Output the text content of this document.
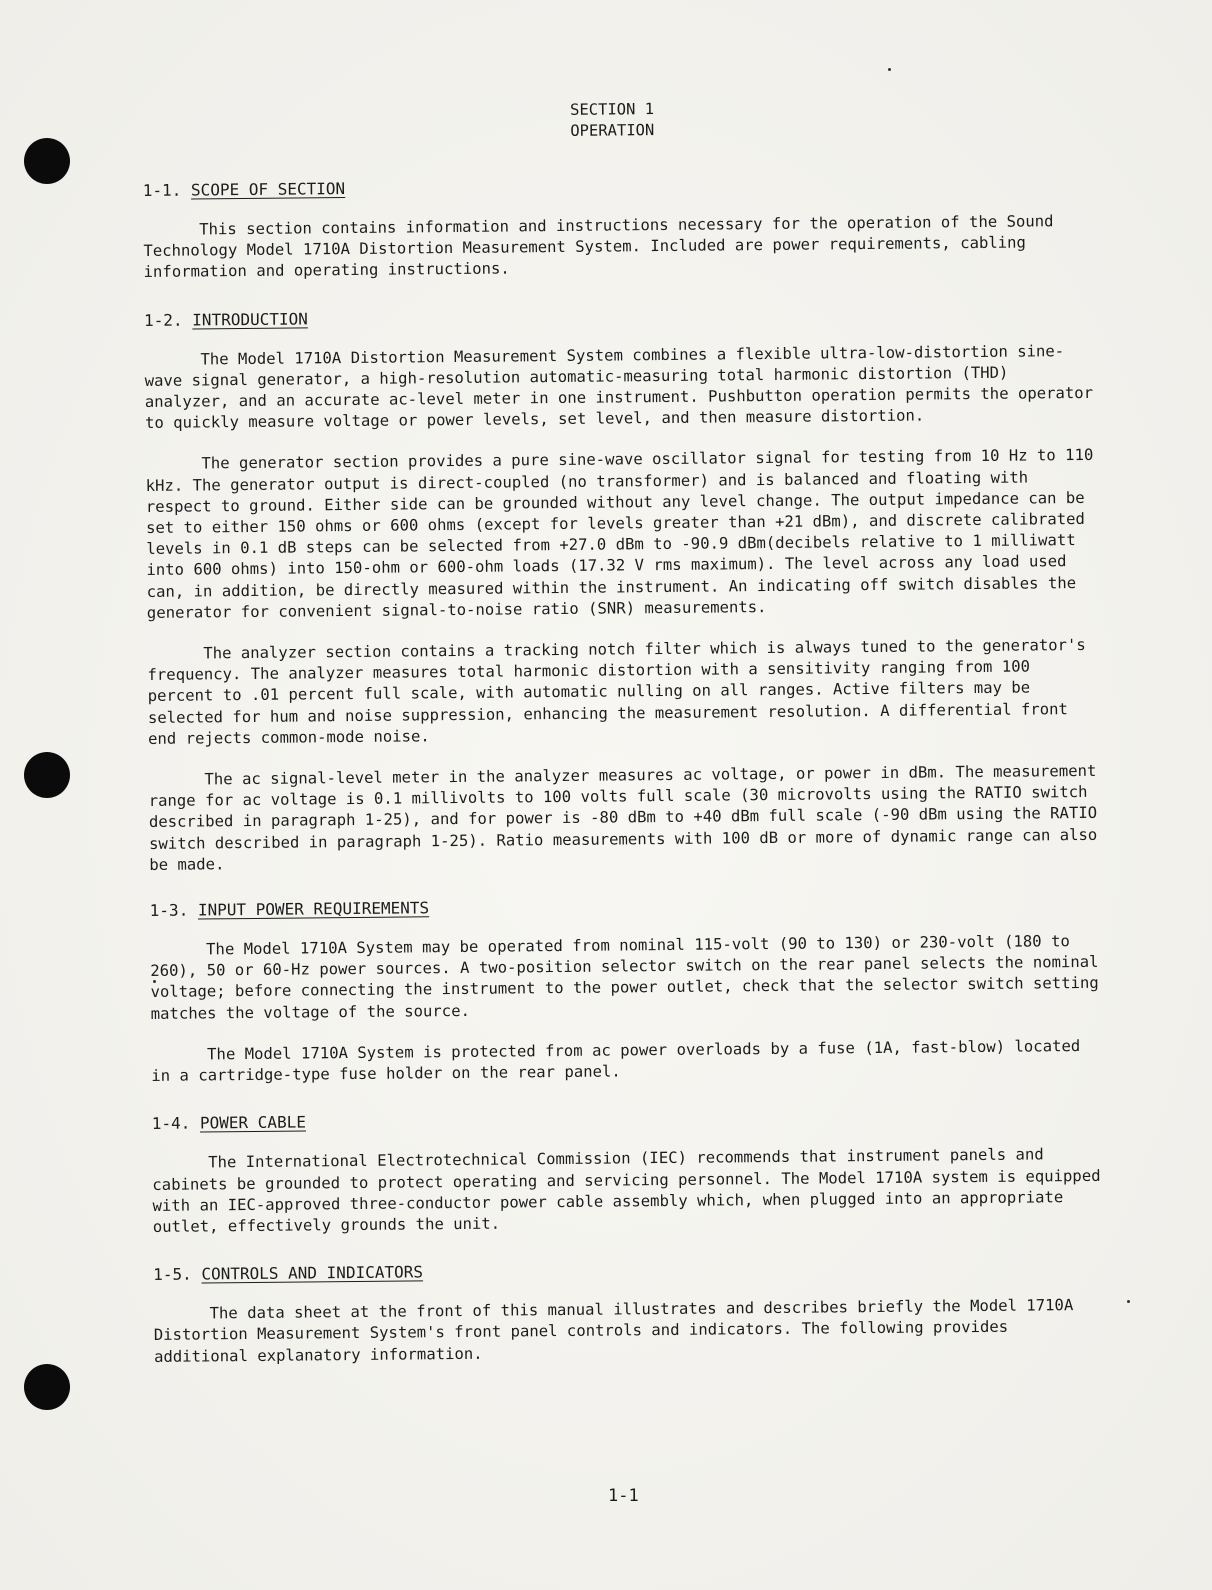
SECTION 1
OPERATION
1-1. SCOPE OF SECTION

This section contains information and instructions necessary for the operation of the Sound Technology Model 1710A Distortion Measurement System. Included are power requirements, cabling information and operating instructions.

1-2. INTRODUCTION

The Model 1710A Distortion Measurement System combines a flexible ultra-low-distortion sine-wave signal generator, a high-resolution automatic-measuring total harmonic distortion (THD) analyzer, and an accurate ac-level meter in one instrument. Pushbutton operation permits the operator to quickly measure voltage or power levels, set level, and then measure distortion.

The generator section provides a pure sine-wave oscillator signal for testing from 10 Hz to 110 kHz. The generator output is direct-coupled (no transformer) and is balanced and floating with respect to ground. Either side can be grounded without any level change. The output impedance can be set to either 150 ohms or 600 ohms (except for levels greater than +21 dBm), and discrete calibrated levels in 0.1 dB steps can be selected from +27.0 dBm to -90.9 dBm(decibels relative to 1 milliwatt into 600 ohms) into 150-ohm or 600-ohm loads (17.32 V rms maximum). The level across any load used can, in addition, be directly measured within the instrument. An indicating off switch disables the generator for convenient signal-to-noise ratio (SNR) measurements.

The analyzer section contains a tracking notch filter which is always tuned to the generator's frequency. The analyzer measures total harmonic distortion with a sensitivity ranging from 100 percent to .01 percent full scale, with automatic nulling on all ranges. Active filters may be selected for hum and noise suppression, enhancing the measurement resolution. A differential front end rejects common-mode noise.

The ac signal-level meter in the analyzer measures ac voltage, or power in dBm. The measurement range for ac voltage is 0.1 millivolts to 100 volts full scale (30 microvolts using the RATIO switch described in paragraph 1-25), and for power is -80 dBm to +40 dBm full scale (-90 dBm using the RATIO switch described in paragraph 1-25). Ratio measurements with 100 dB or more of dynamic range can also be made.

1-3. INPUT POWER REQUIREMENTS

The Model 1710A System may be operated from nominal 115-volt (90 to 130) or 230-volt (180 to 260), 50 or 60-Hz power sources. A two-position selector switch on the rear panel selects the nominal voltage; before connecting the instrument to the power outlet, check that the selector switch setting matches the voltage of the source.

The Model 1710A System is protected from ac power overloads by a fuse (1A, fast-blow) located in a cartridge-type fuse holder on the rear panel.

1-4. POWER CABLE

The International Electrotechnical Commission (IEC) recommends that instrument panels and cabinets be grounded to protect operating and servicing personnel. The Model 1710A system is equipped with an IEC-approved three-conductor power cable assembly which, when plugged into an appropriate outlet, effectively grounds the unit.

1-5. CONTROLS AND INDICATORS

The data sheet at the front of this manual illustrates and describes briefly the Model 1710A Distortion Measurement System's front panel controls and indicators. The following provides additional explanatory information.

1-1
